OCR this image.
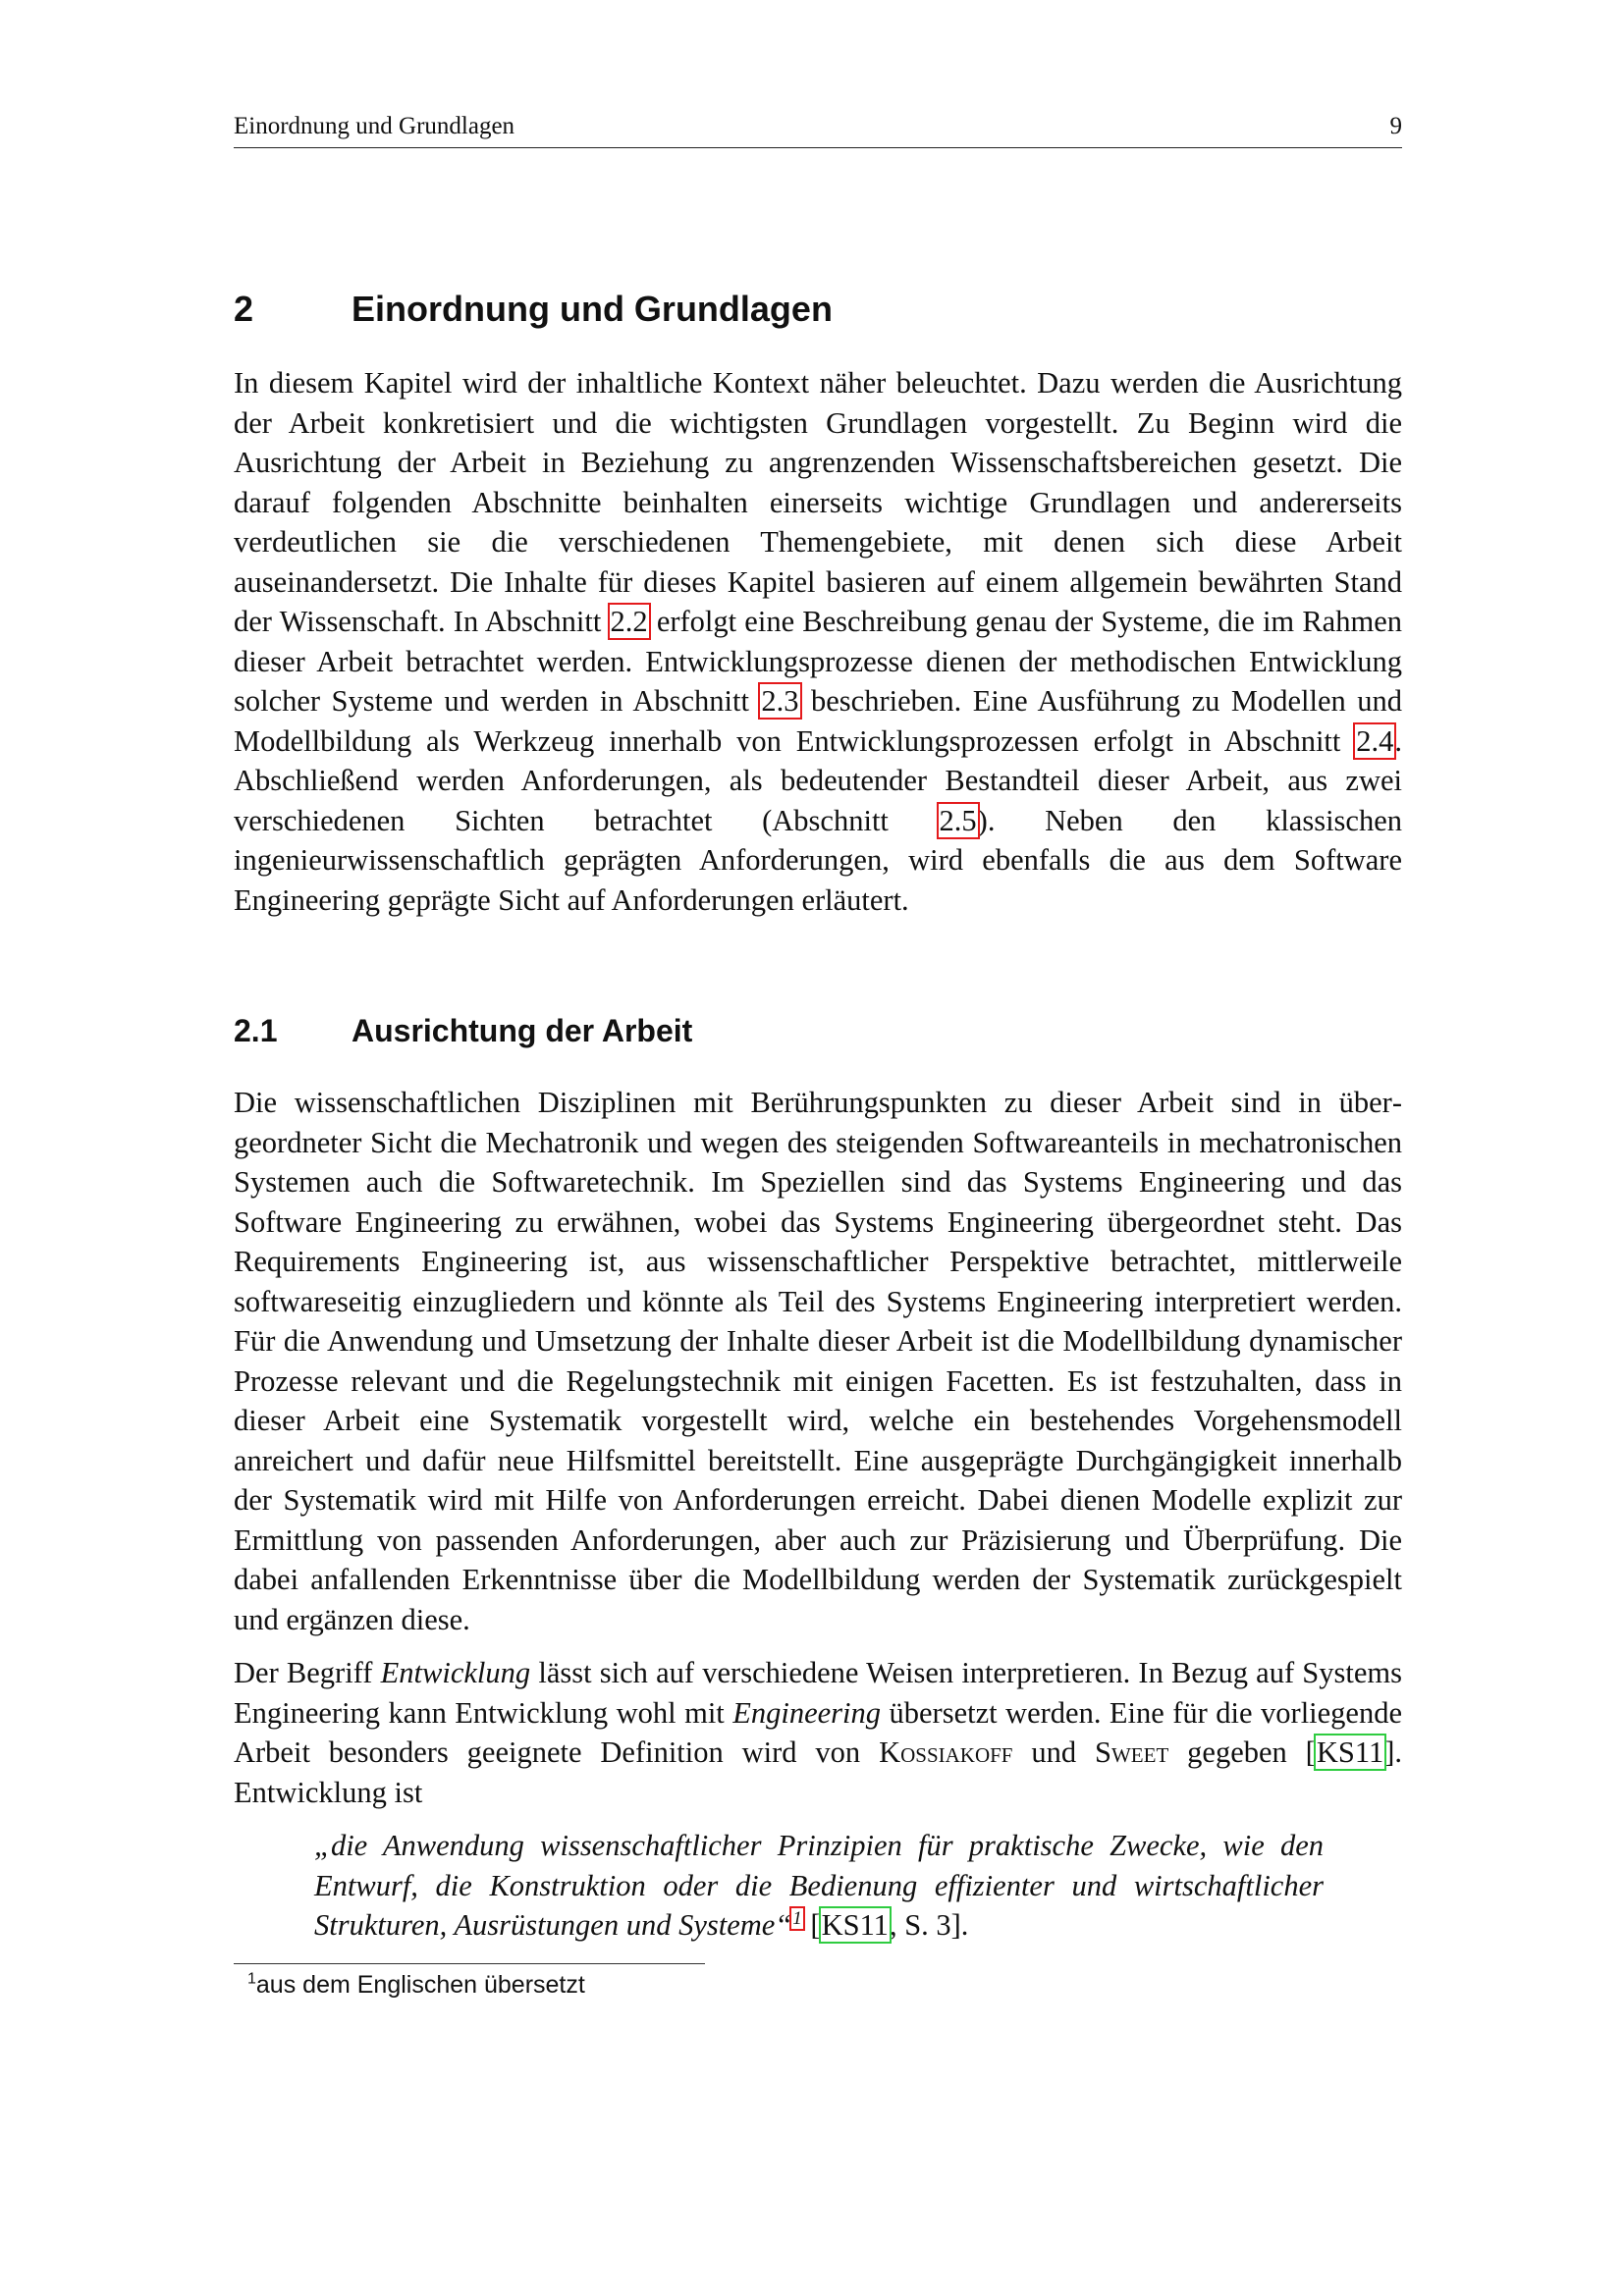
Einordnung und Grundlagen	9
2	Einordnung und Grundlagen

In diesem Kapitel wird der inhaltliche Kontext näher beleuchtet. Dazu werden die Ausrichtung der Arbeit konkretisiert und die wichtigsten Grundlagen vorgestellt. Zu Beginn wird die Ausrichtung der Arbeit in Beziehung zu angrenzenden Wissenschaftsbereichen gesetzt. Die darauf folgenden Abschnitte beinhalten einerseits wichtige Grundlagen und andererseits verdeutlichen sie die verschiedenen Themengebiete, mit denen sich diese Arbeit auseinandersetzt. Die Inhalte für dieses Kapitel basieren auf einem allgemein bewährten Stand der Wissenschaft. In Abschnitt 2.2 erfolgt eine Beschreibung genau der Systeme, die im Rahmen dieser Arbeit betrachtet werden. Entwicklungsprozesse dienen der methodischen Entwicklung solcher Systeme und werden in Abschnitt 2.3 beschrieben. Eine Ausführung zu Modellen und Modellbildung als Werkzeug innerhalb von Entwicklungsprozessen erfolgt in Abschnitt 2.4. Abschließend werden Anforderungen, als bedeutender Bestandteil dieser Arbeit, aus zwei verschiedenen Sichten betrachtet (Abschnitt 2.5). Neben den klassischen ingenieurwissenschaftlich geprägten Anforderungen, wird ebenfalls die aus dem Software Engineering geprägte Sicht auf Anforderungen erläutert.

2.1	Ausrichtung der Arbeit

Die wissenschaftlichen Disziplinen mit Berührungspunkten zu dieser Arbeit sind in übergeordneter Sicht die Mechatronik und wegen des steigenden Softwareanteils in mechatronischen Systemen auch die Softwaretechnik. Im Speziellen sind das Systems Engineering und das Software Engineering zu erwähnen, wobei das Systems Engineering übergeordnet steht. Das Requirements Engineering ist, aus wissenschaftlicher Perspektive betrachtet, mittlerweile softwareseitig einzugliedern und könnte als Teil des Systems Engineering interpretiert werden. Für die Anwendung und Umsetzung der Inhalte dieser Arbeit ist die Modellbildung dynamischer Prozesse relevant und die Regelungstechnik mit einigen Facetten. Es ist festzuhalten, dass in dieser Arbeit eine Systematik vorgestellt wird, welche ein bestehendes Vorgehensmodell anreichert und dafür neue Hilfsmittel bereitstellt. Eine ausgeprägte Durchgängigkeit innerhalb der Systematik wird mit Hilfe von Anforderungen erreicht. Dabei dienen Modelle explizit zur Ermittlung von passenden Anforderungen, aber auch zur Präzisierung und Überprüfung. Die dabei anfallenden Erkenntnisse über die Modellbildung werden der Systematik zurückgespielt und ergänzen diese.

Der Begriff Entwicklung lässt sich auf verschiedene Weisen interpretieren. In Bezug auf Systems Engineering kann Entwicklung wohl mit Engineering übersetzt werden. Eine für die vorliegende Arbeit besonders geeignete Definition wird von Kossiakoff und Sweet gegeben [KS11]. Entwicklung ist

„die Anwendung wissenschaftlicher Prinzipien für praktische Zwecke, wie den Entwurf, die Konstruktion oder die Bedienung effizienter und wirtschaftlicher Strukturen, Ausrüstungen und Systeme“$^1$ [KS11, S. 3].
$^1$aus dem Englischen übersetzt
